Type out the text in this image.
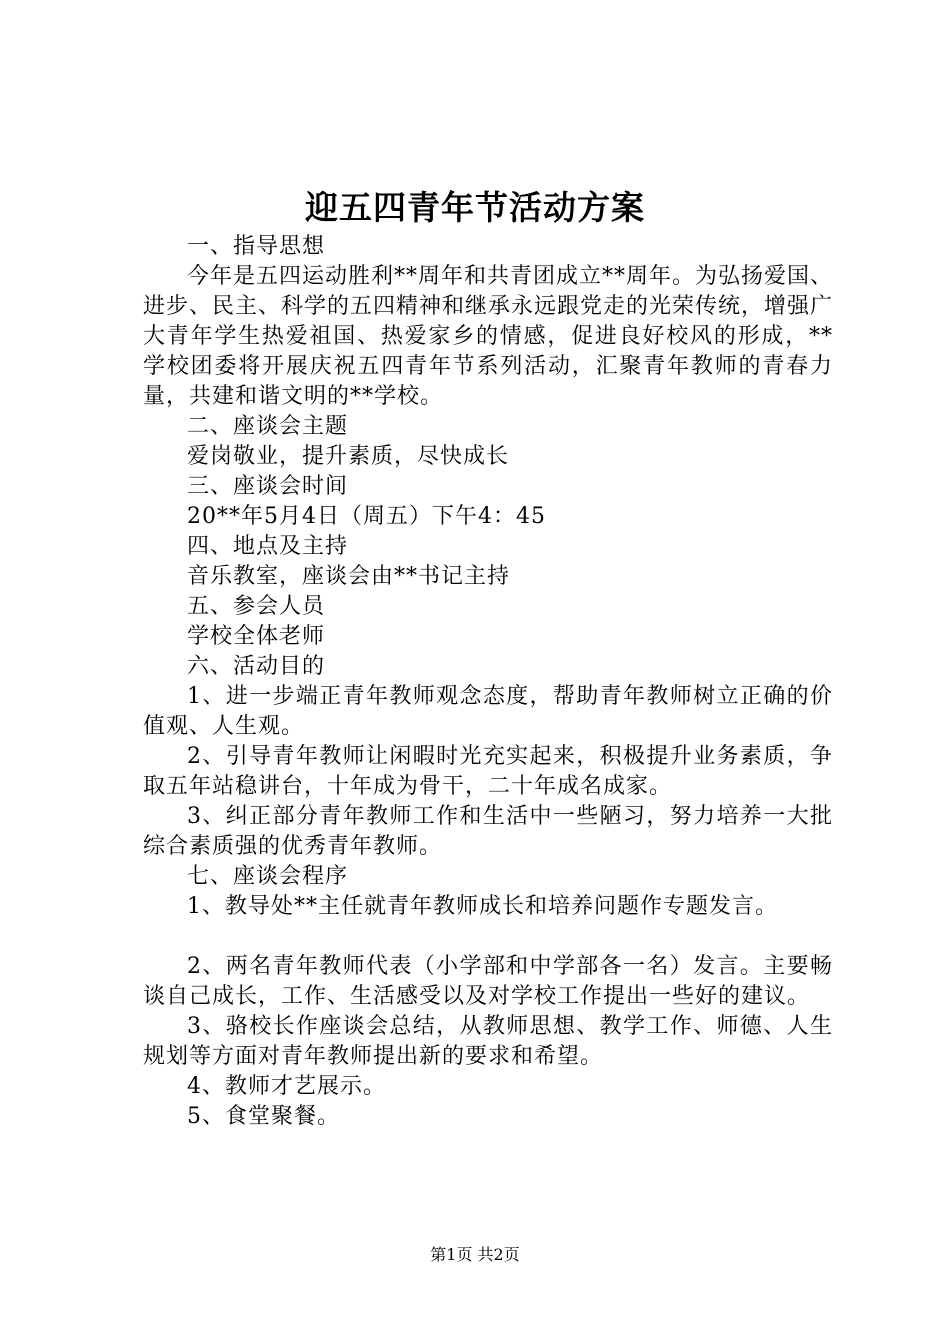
迎五四青年节活动方案

一、指导思想

今年是五四运动胜利**周年和共青团成立**周年。为弘扬爱国、进步、民主、科学的五四精神和继承永远跟党走的光荣传统，增强广大青年学生热爱祖国、热爱家乡的情感，促进良好校风的形成，**学校团委将开展庆祝五四青年节系列活动，汇聚青年教师的青春力量，共建和谐文明的**学校。

二、座谈会主题

爱岗敬业，提升素质，尽快成长

三、座谈会时间

20**年5月4日（周五）下午4：45

四、地点及主持

音乐教室，座谈会由**书记主持

五、参会人员

学校全体老师

六、活动目的

1、进一步端正青年教师观念态度，帮助青年教师树立正确的价值观、人生观。

2、引导青年教师让闲暇时光充实起来，积极提升业务素质，争取五年站稳讲台，十年成为骨干，二十年成名成家。

3、纠正部分青年教师工作和生活中一些陋习，努力培养一大批综合素质强的优秀青年教师。

七、座谈会程序

1、教导处**主任就青年教师成长和培养问题作专题发言。

2、两名青年教师代表（小学部和中学部各一名）发言。主要畅谈自己成长，工作、生活感受以及对学校工作提出一些好的建议。

3、骆校长作座谈会总结，从教师思想、教学工作、师德、人生规划等方面对青年教师提出新的要求和希望。

4、教师才艺展示。

5、食堂聚餐。

第1页 共2页
